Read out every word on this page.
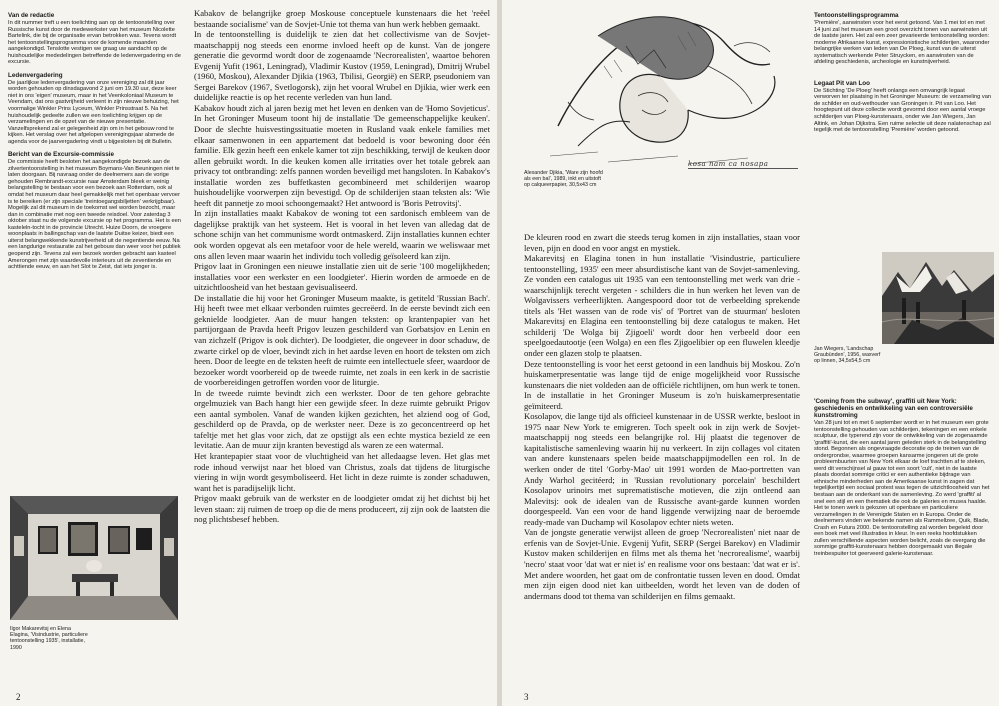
Van de redactie

In dit nummer treft u een toelichting aan op de tentoonstelling over Russische kunst door de medewerkster van het museum Nicolette Bartelink, die bij de organisatie ervan betrokken was. Tevens wordt het tentoonstellingsprogramma voor de komende maanden aangekondigd. Tenslotte vestigen we graag uw aandacht op de huishoudelijke mededelingen betreffende de ledenvergadering en de excursie.

Ledenvergadering

De jaarlijkse ledenvergadering van onze vereniging zal dit jaar worden gehouden op dinsdagavond 2 juni om 19.30 uur, deze keer niet in ons 'eigen' museum, maar in het Veenkoloniaal Museum te Veendam, dat ons gastvrijheid verleent in zijn nieuwe behuizing, het voormalige Winkler Prins Lyceum, Winkler Prinsstraat 5. Na het huishoudelijk gedeelte zullen we een toelichting krijgen op de verzamelingen en de opzet van de nieuwe presentatie. Vanzelfsprekend zal er gelegenheid zijn om in het gebouw rond te kijken. Het verslag over het afgelopen verenigingsjaar alsmede de agenda voor de jaarvergadering vindt u bijgesloten bij dit Bulletin.

Bericht van de Excursie-commissie

De commissie heeft besloten het aangekondigde bezoek aan de zilvertentoonstelling in het museum Boymans-Van Beuningen niet te laten doorgaan. Bij navraag onder de deelnemers aan de vorige gehouden Rembrandt-excursie naar Amsterdam bleek er weinig belangstelling te bestaan voor een bezoek aan Rotterdam, ook al omdat het museum daar heel gemakkelijk met het openbaar vervoer is te bereiken (er zijn speciale 'treintoegangsbiljetten' verkrijgbaar). Mogelijk zal dit museum in de toekomst wel worden bezocht, maar dan in combinatie met nog een tweede reisdoel. Voor zaterdag 3 oktober staat nu de volgende excursie op het programma. Het is een kasteleln-tocht in de provincie Utrecht. Huize Doorn, de vroegere woonplaats in ballingschap van de laatste Duitse keizer, biedt een uiterst belangwekkende kunstrijverheid uit de negentiende eeuw. Na een langdurige restauratie zal het gebouw dan weer voor het publiek geopend zijn. Tevens zal een bezoek worden gebracht aan kasteel Amerongen met zijn waardevolle interieurs uit de zeventiende en achttiende eeuw, en aan het Slot te Zeist, dat iets jonger is.

Ilgor Makarevitsj en Elena Elagina, 'Visindustrie, particuliere tentoonstelling 1935', installatie, 1990

Kabakov de belangrijke groep Moskouse conceptuele kunstenaars die het 'reëel bestaande socialisme' van de Sovjet-Unie tot thema van hun werk hebben gemaakt.

In de tentoonstelling is duidelijk te zien dat het collectivisme van de Sovjet-maatschappij nog steeds een enorme invloed heeft op de kunst. Van de jongere generatie die gevormd wordt door de zogenaamde 'Necrorealisten', waartoe behoren Evgenij Yufit (1961, Leningrad), Vladimir Kustov (1959, Leningrad), Dmitrij Wrubel (1960, Moskou), Alexander Djikia (1963, Tbilisi, Georgië) en SERP, pseudoniem van Sergei Barekov (1967, Svetlogorsk), zijn het vooral Wrubel en Djikia, wier werk een duidelijke reactie is op het recente verleden van hun land.

Kabakov houdt zich al jaren bezig met het leven en denken van de 'Homo Sovjeticus'. In het Groninger Museum toont hij de installatie 'De gemeenschappelijke keuken'. Door de slechte huisvestingssituatie moeten in Rusland vaak enkele families met elkaar samenwonen in een appartement dat bedoeld is voor bewoning door één familie. Elk gezin heeft een enkele kamer tot zijn beschikking, terwijl de keuken door allen gebruikt wordt. In die keuken komen alle irritaties over het totale gebrek aan privacy tot ontbranding: zelfs pannen worden beveiligd met hangsloten. In Kabakov's installatie worden zes buffetkasten gecombineerd met schilderijen waarop huishoudelijke voorwerpen zijn bevestigd. Op de schilderijen staan teksten als: 'Wie heeft dit pannetje zo mooi schoongemaakt? Het antwoord is 'Boris Petrovitsj'.

In zijn installaties maakt Kabakov de woning tot een sardonisch embleem van de dagelijkse praktijk van het systeem. Het is vooral in het leven van alledag dat de schone schijn van het communisme wordt ontmaskerd. Zijn installaties kunnen echter ook worden opgevat als een metafoor voor de hele wereld, waarin we weliswaar met ons allen leven maar waarin het individu toch volledig geïsoleerd kan zijn.

Prigov laat in Groningen een nieuwe installatie zien uit de serie '100 mogelijkheden; installaties voor een werkster en een loodgieter'. Hierin worden de armoede en de uitzichtloosheid van het bestaan gevisualiseerd.

De installatie die hij voor het Groninger Museum maakte, is getiteld 'Russian Bach'. Hij heeft twee met elkaar verbonden ruimtes gecreëerd. In de eerste bevindt zich een geknielde loodgieter. Aan de muur hangen teksten: op krantenpapier van het partijorgaan de Pravda heeft Prigov leuzen geschilderd van Gorbatsjov en Lenin en van zichzelf (Prigov is ook dichter). De loodgieter, die ongeveer in door schaduw, de zwarte cirkel op de vloer, bevindt zich in het aardse leven en hoort de teksten om zich heen. Door de leegte en de teksten heeft de ruimte een intellectuele sfeer, waardoor de bezoeker wordt voorbereid op de tweede ruimte, net zoals in een kerk in de sacristie de voorbereidingen getroffen worden voor de liturgie.

In de tweede ruimte bevindt zich een werkster. Door de ten gehore gebrachte orgelmuziek van Bach hangt hier een gewijde sfeer. In deze ruimte gebruikt Prigov een aantal symbolen. Vanaf de wanden kijken gezichten, het alziend oog of God, geschilderd op de Pravda, op de werkster neer. Deze is zo geconcentreerd op het tafeltje met het glas voor zich, dat ze opstijgt als een echte mystica bezield ze een levitatie. Aan de muur zijn kranten bevestigd als waren ze een watermal.

Het krantepapier staat voor de vluchtigheid van het alledaagse leven. Het glas met rode inhoud verwijst naar het bloed van Christus, zoals dat tijdens de liturgische viering in wijn wordt gesymboliseerd. Het licht in deze ruimte is zonder schaduwen, want het is paradijselijk licht.

Prigov maakt gebruik van de werkster en de loodgieter omdat zij het dichtst bij het leven staan: zij ruimen de troep op die de mens produceert, zij zijn ook de laatsten die nog plichtsbesef hebben.

2
kosa nam ca nosapa
Alexander Djikia, 'Ware zijn hoofd als een bal', 1989, inkt en uitstoft op calqueerpapier, 30,5x43 cm

De kleuren rood en zwart die steeds terug komen in zijn installaties, staan voor leven, pijn en dood en voor angst en mystiek.

Makarevitsj en Elagina tonen in hun installatie 'Visindustrie, particuliere tentoonstelling, 1935' een meer absurdistische kant van de Sovjet-samenleving. Ze vonden een catalogus uit 1935 van een tentoonstelling met werk van drie - waarschijnlijk terecht vergeten - schilders die in hun werken het leven van de Wolgavissers verheerlijkten. Aangespoord door tot de verbeelding sprekende titels als 'Het wassen van de rode vis' of 'Portret van de stuurman' besloten Makarevitsj en Elagina een tentoonstelling bij deze catalogus te maken. Het schilderij 'De Wolga bij Zjigoeli' wordt door hen verbeeld door een speelgoedautootje (een Wolga) en een fles Zjigoelibier op een fluwelen kleedje onder een glazen stolp te plaatsen.

Deze tentoonstelling is voor het eerst getoond in een landhuis bij Moskou. Zo'n huiskamerpresentatie was lange tijd de enige mogelijkheid voor Russische kunstenaars die niet voldeden aan de officiële richtlijnen, om hun werk te tonen. In de installatie in het Groninger Museum is zo'n huiskamerpresentatie geïmiteerd.

Kosolapov, die lange tijd als officieel kunstenaar in de USSR werkte, besloot in 1975 naar New York te emigreren. Toch speelt ook in zijn werk de Sovjet-maatschappij nog steeds een belangrijke rol. Hij plaatst die tegenover de kapitalistische samenleving waarin hij nu verkeert. In zijn collages vol citaten van andere kunstenaars spelen beide maatschappijmodellen een rol. In de werken onder de titel 'Gorby-Mao' uit 1991 worden de Mao-portretten van Andy Warhol gecitéerd; in 'Russian revolutionary porcelain' beschildert Kosolapov urinoirs met suprematistische motieven, die zijn ontleend aan Malevitsj: ook de idealen van de Russische avant-garde kunnen worden doorgespeeld. Van een voor de hand liggende verwijzing naar de beroemde ready-made van Duchamp wil Kosolapov echter niets weten.

Van de jongste generatie verwijst alleen de groep 'Necrorealisten' niet naar de erfenis van de Sovjet-Unie. Evgenij Yufit, SERP (Sergei Barekov) en Vladimir Kustov maken schilderijen en films met als thema het 'necrorealisme', waarbij 'necro' staat voor 'dat wat er niet is' en realisme voor ons bestaan: 'dat wat er is'. Met andere woorden, het gaat om de confrontatie tussen leven en dood. Omdat men zijn eigen dood niet kan uitbeelden, wordt het leven van de doden of andermans dood tot thema van schilderijen en films gemaakt.

Tentoonstellingsprogramma

'Première', aanwinsten voor het eerst getoond. Van 1 mei tot en met 14 juni zal het museum een groot overzicht tonen van aanwinsten uit de laatste jaren. Het zal een zeer gevarieerde tentoonstelling worden: moderne Afrikaanse kunst, expressionistische schilderijen, waaronder belangrijke werken van leden van De Ploeg, kunst van de uiterst systematisch werkende Peter Struycken, en aanwinsten van de afdeling geschiedenis, archeologie en kunstnijverheid.

Legaat Pit van Loo

De Stichting 'De Ploeg' heeft onlangs een omvangrijk legaat verworven ter plaatsing in het Groninger Museum: de verzameling van de schilder en oud-wethouder van Groningen ir. Pit van Loo. Het hoogtepunt uit deze collectie wordt gevormd door een aantal vroege schilderijen van Ploeg-kunstenaars, onder wie Jan Wiegers, Jan Altink, en Johan Dijkstra. Een ruime selectie uit deze nalatenschap zal tegelijk met de tentoonstelling 'Première' worden getoond.

Jan Wiegers, 'Landschap Graubünden', 1956, waxverf op linnen, 34,5x54,5 cm
'Coming from the subway', graffiti uit New York: geschiedenis en ontwikkeling van een controversiële kunststroming

Van 28 juni tot en met 6 september wordt er in het museum een grote tentoonstelling gehouden van schilderijen, tekeningen en een enkele sculptuur, die typerend zijn voor de ontwikkeling van de zogenaamde 'graffiti'-kunst, die een aantal jaren geleden sterk in de belangstelling stond. Begonnen als ongevraagde decoratie op de treinen van de ondergrondse, waarmee groepen kansarme jongeren uit de grote probleembuurten van New York elkaar de loef trachtten af te steken, werd dit verschijnsel al gauw tot een soort 'cult', niet in de laatste plaats doordat sommige critici er een authentieke bijdrage van ethnische minderheden aan de Amerikaanse kunst in zagen dat tegelijkertijd een sociaal protest was tegen de uitzichtloosheid van het bestaan aan de onderkant van de samenleving. Zo werd 'graffiti' al snel een stijl en een thematiek die ook de galeries en musea haalde. Het te tonen werk is gekozen uit openbare en particuliere verzamelingen in de Verenigde Staten en in Europa. Onder de deelnemers vinden we bekende namen als Rammellzee, Quik, Blade, Crash en Futura 2000. De tentoonstelling zal worden begeleid door een boek met veel illustraties in kleur. In een reeks hoofdstukken zullen verschillende aspecten worden belicht, zoals de overgang die sommige graffiti-kunstenaars hebben doorgemaakt van illegale treinbespuiter tot geerveerd galerie-kunstenaar.

3
